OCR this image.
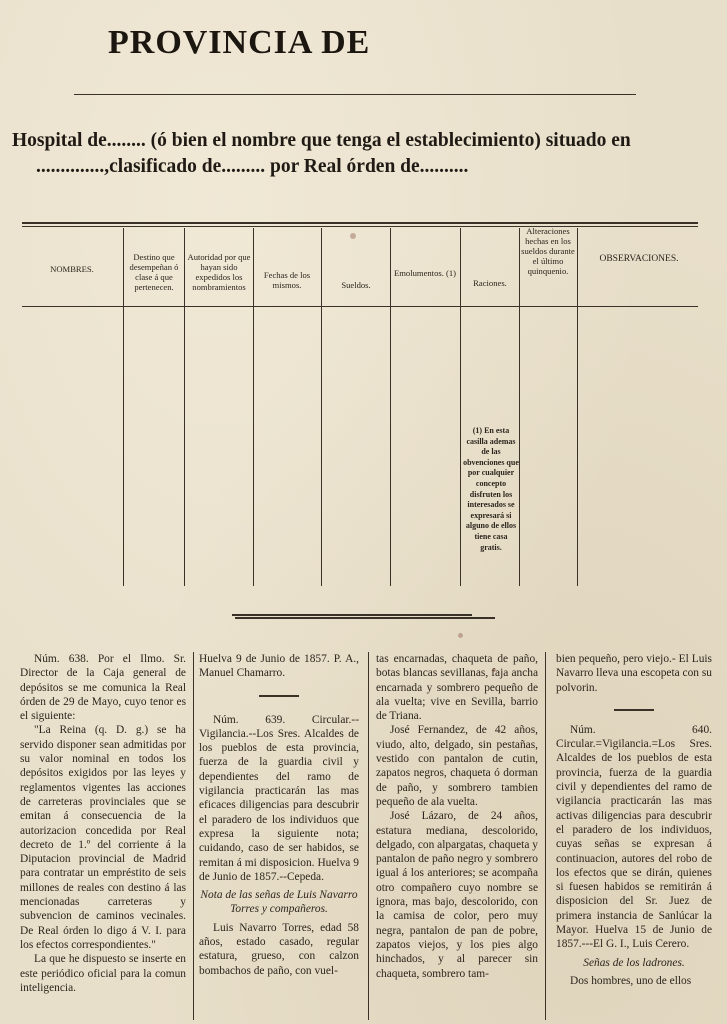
PROVINCIA DE
Hospital de........ (ó bien el nombre que tenga el establecimiento) situado en
..............,clasificado de......... por Real órden de..........
NOMBRES.
Destino que desempeñan ó clase á que pertenecen.
Autoridad por que hayan sido expedidos los nombramientos
Fechas de los mismos.	Sueldos.
Emolumentos. (1)
Raciones.
Alteraciones hechas en los sueldos durante el último quinquenio.
OBSERVACIONES.
(1) En esta casilla ademas de las obvenciones que por cualquier concepto disfruten los interesados se expresará si alguno de ellos tiene casa gratis.

Núm. 638. Por el Ilmo. Sr. Director de la Caja general de depósitos se me comunica la Real órden de 29 de Mayo, cuyo tenor es el siguiente:

"La Reina (q. D. g.) se ha servido disponer sean admitidas por su valor nominal en todos los depósitos exigidos por las leyes y reglamentos vigentes las acciones de carreteras provinciales que se emitan á consecuencia de la autorizacion concedida por Real decreto de 1.º del corriente á la Diputacion provincial de Madrid para contratar un empréstito de seis millones de reales con destino á las mencionadas carreteras y subvencion de caminos vecinales. De Real órden lo digo á V. I. para los efectos correspondientes."

La que he dispuesto se inserte en este periódico oficial para la comun inteligencia.

Huelva 9 de Junio de 1857. P. A., Manuel Chamarro.

Núm. 639. Circular.--Vigilancia.--Los Sres. Alcaldes de los pueblos de esta provincia, fuerza de la guardia civil y dependientes del ramo de vigilancia practicarán las mas eficaces diligencias para descubrir el paradero de los individuos que expresa la siguiente nota; cuidando, caso de ser habidos, se remitan á mi disposicion. Huelva 9 de Junio de 1857.--Cepeda.

Nota de las señas de Luis Navarro Torres y compañeros.

Luis Navarro Torres, edad 58 años, estado casado, regular estatura, grueso, con calzon bombachos de paño, con vuel-

tas encarnadas, chaqueta de paño, botas blancas sevillanas, faja ancha encarnada y sombrero pequeño de ala vuelta; vive en Sevilla, barrio de Triana.

José Fernandez, de 42 años, viudo, alto, delgado, sin pestañas, vestido con pantalon de cutin, zapatos negros, chaqueta ó dorman de paño, y sombrero tambien pequeño de ala vuelta.

José Lázaro, de 24 años, estatura mediana, descolorido, delgado, con alpargatas, chaqueta y pantalon de paño negro y sombrero igual á los anteriores; se acompaña otro compañero cuyo nombre se ignora, mas bajo, descolorido, con la camisa de color, pero muy negra, pantalon de pan de pobre, zapatos viejos, y los pies algo hinchados, y al parecer sin chaqueta, sombrero tam-

bien pequeño, pero viejo.- El Luis Navarro lleva una escopeta con su polvorin.

Núm. 640. Circular.=Vigilancia.=Los Sres. Alcaldes de los pueblos de esta provincia, fuerza de la guardia civil y dependientes del ramo de vigilancia practicarán las mas activas diligencias para descubrir el paradero de los individuos, cuyas señas se expresan á continuacion, autores del robo de los efectos que se dirán, quienes si fuesen habidos se remitirán á disposicion del Sr. Juez de primera instancia de Sanlúcar la Mayor. Huelva 15 de Junio de 1857.---El G. I., Luis Cerero.

Señas de los ladrones.

Dos hombres, uno de ellos
